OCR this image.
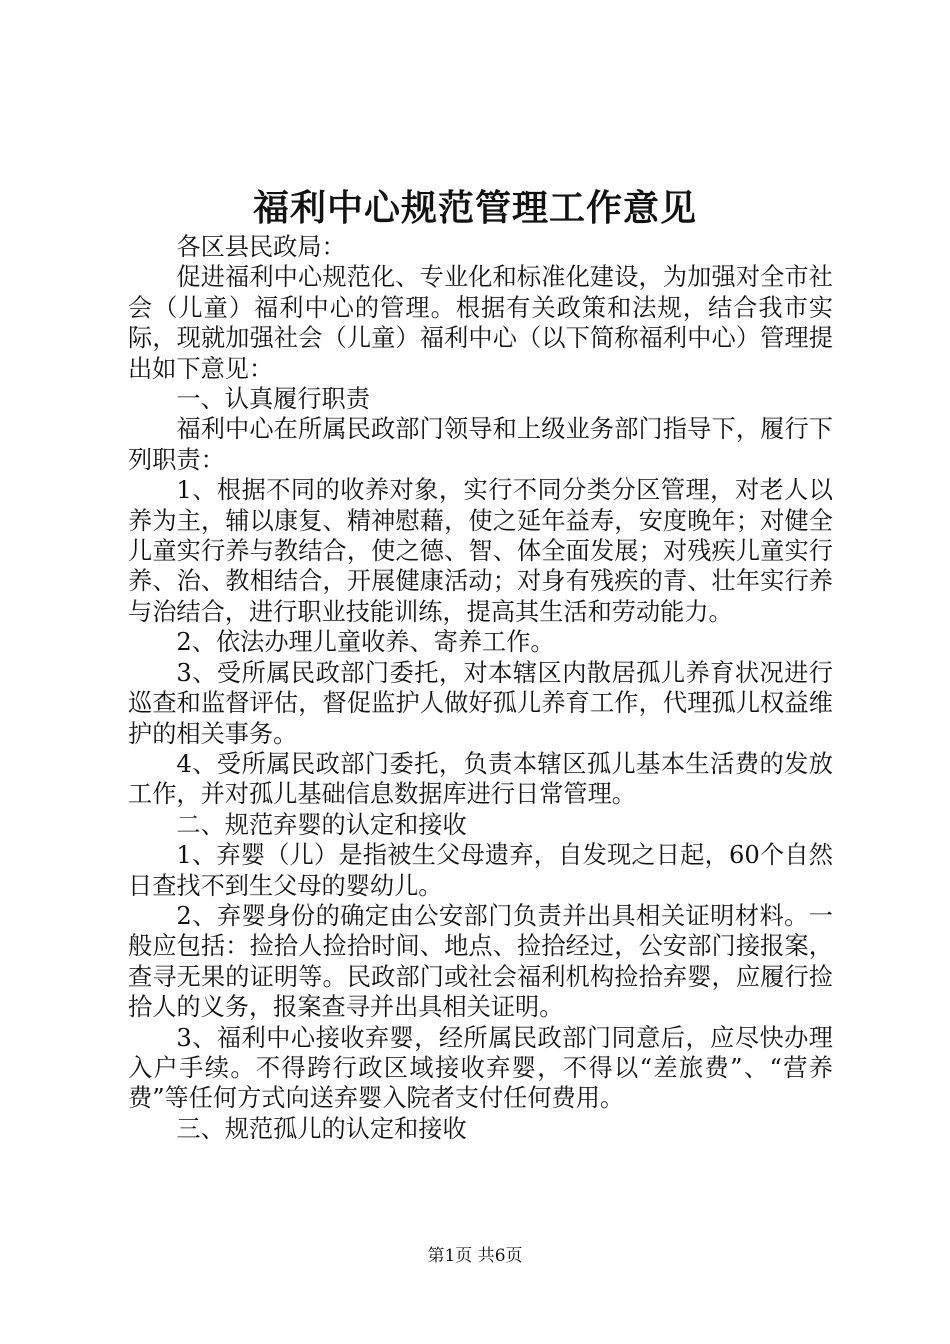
福利中心规范管理工作意见

各区县民政局：

促进福利中心规范化、专业化和标准化建设，为加强对全市社会（儿童）福利中心的管理。根据有关政策和法规，结合我市实际，现就加强社会（儿童）福利中心（以下简称福利中心）管理提出如下意见：

一、认真履行职责

福利中心在所属民政部门领导和上级业务部门指导下，履行下列职责：

1、根据不同的收养对象，实行不同分类分区管理，对老人以养为主，辅以康复、精神慰藉，使之延年益寿，安度晚年；对健全儿童实行养与教结合，使之德、智、体全面发展；对残疾儿童实行养、治、教相结合，开展健康活动；对身有残疾的青、壮年实行养与治结合，进行职业技能训练，提高其生活和劳动能力。

2、依法办理儿童收养、寄养工作。

3、受所属民政部门委托，对本辖区内散居孤儿养育状况进行巡查和监督评估，督促监护人做好孤儿养育工作，代理孤儿权益维护的相关事务。

4、受所属民政部门委托，负责本辖区孤儿基本生活费的发放工作，并对孤儿基础信息数据库进行日常管理。

二、规范弃婴的认定和接收

1、弃婴（儿）是指被生父母遗弃，自发现之日起，60个自然日查找不到生父母的婴幼儿。

2、弃婴身份的确定由公安部门负责并出具相关证明材料。一般应包括：捡拾人捡拾时间、地点、捡拾经过，公安部门接报案，查寻无果的证明等。民政部门或社会福利机构捡拾弃婴，应履行捡拾人的义务，报案查寻并出具相关证明。

3、福利中心接收弃婴，经所属民政部门同意后，应尽快办理入户手续。不得跨行政区域接收弃婴，不得以“差旅费”、“营养费”等任何方式向送弃婴入院者支付任何费用。

三、规范孤儿的认定和接收

第1页 共6页
